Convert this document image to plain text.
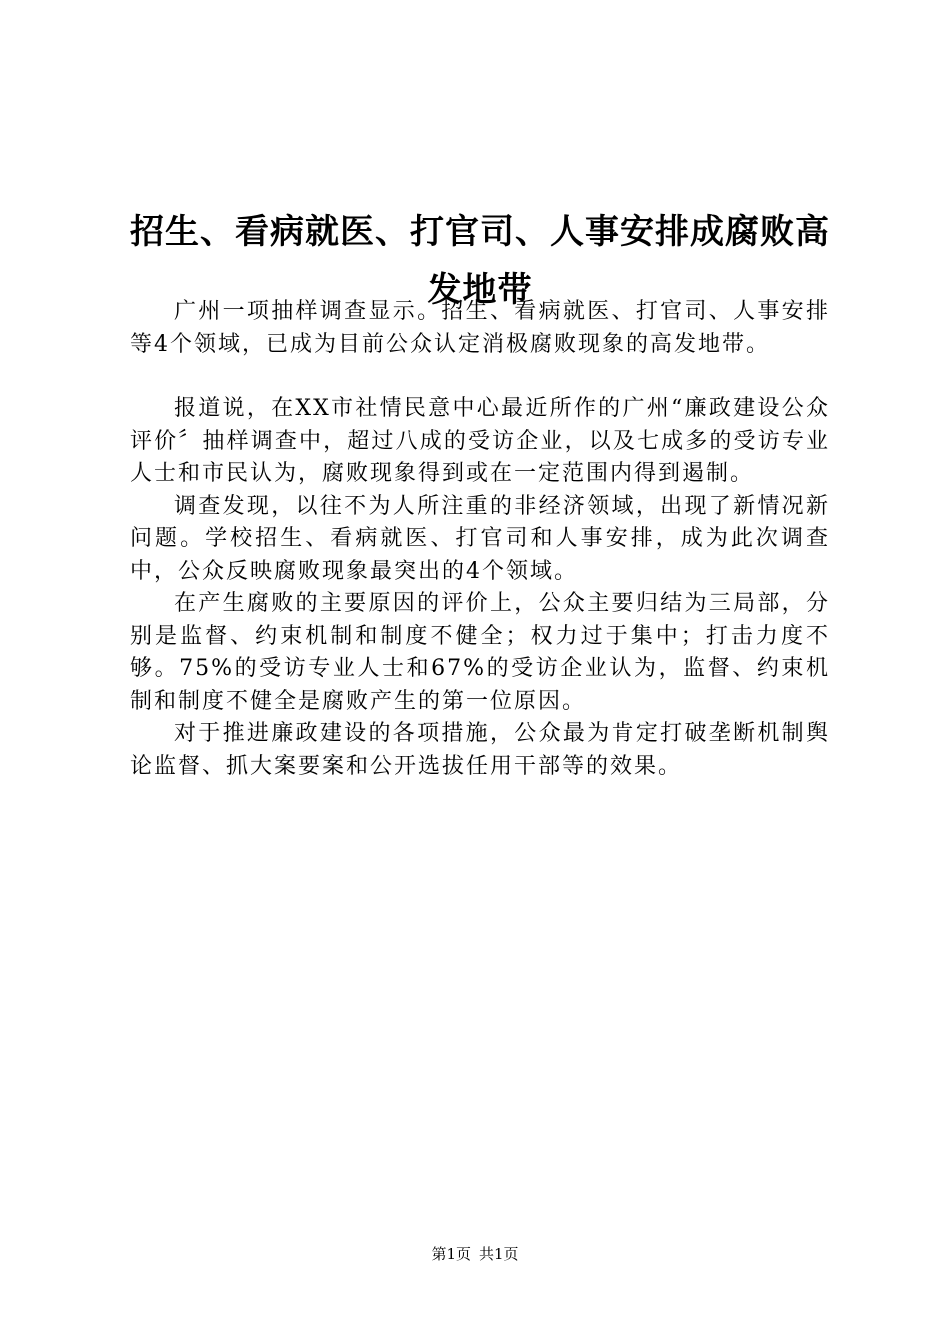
招生、看病就医、打官司、人事安排成腐败高
发地带

广州一项抽样调查显示。招生、看病就医、打官司、人事安排等4个领域，已成为目前公众认定消极腐败现象的高发地带。

报道说，在XX市社情民意中心最近所作的广州“廉政建设公众评价〞抽样调查中，超过八成的受访企业，以及七成多的受访专业人士和市民认为，腐败现象得到或在一定范围内得到遏制。

调查发现，以往不为人所注重的非经济领域，出现了新情况新问题。学校招生、看病就医、打官司和人事安排，成为此次调查中，公众反映腐败现象最突出的4个领域。

在产生腐败的主要原因的评价上，公众主要归结为三局部，分别是监督、约束机制和制度不健全；权力过于集中；打击力度不够。75%的受访专业人士和67%的受访企业认为，监督、约束机制和制度不健全是腐败产生的第一位原因。

对于推进廉政建设的各项措施，公众最为肯定打破垄断机制舆论监督、抓大案要案和公开选拔任用干部等的效果。

第1页 共1页
